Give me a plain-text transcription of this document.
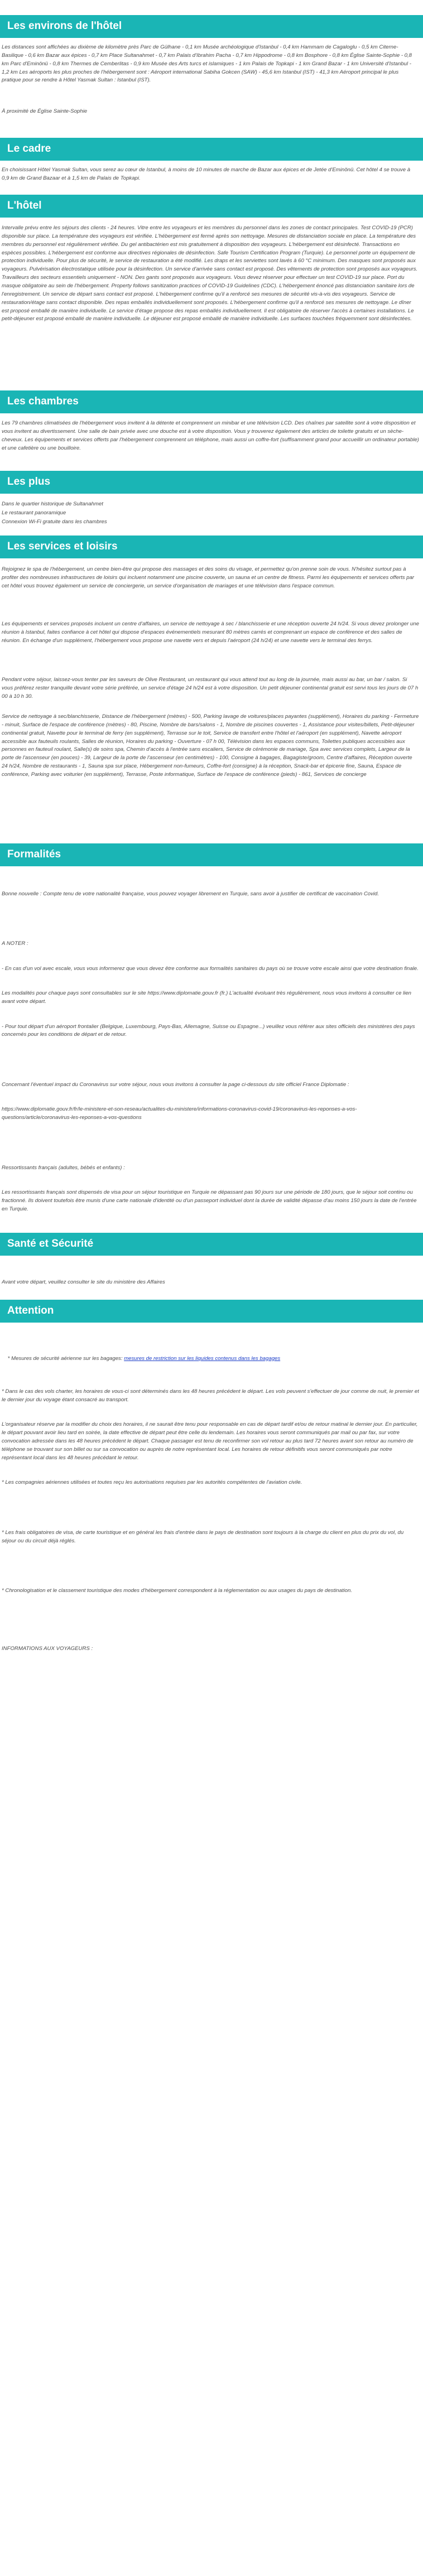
Les environs de l'hôtel
Les distances sont affichées au dixième de kilomètre près Parc de Gülhane - 0,1 km Musée archéologique d'Istanbul - 0,4 km Hammam de Cagaloglu - 0,5 km Citerne-Basilique - 0,6 km Bazar aux épices - 0,7 km Place Sultanahmet - 0,7 km Palais d'Ibrahim Pacha - 0,7 km Hippodrome - 0,8 km Bosphore - 0,8 km Église Sainte-Sophie - 0,8 km Parc d'Eminönü - 0,8 km Thermes de Cemberlitas - 0,9 km Musée des Arts turcs et islamiques - 1 km Palais de Topkapi - 1 km Grand Bazar - 1 km Université d'Istanbul - 1,2 km Les aéroports les plus proches de l'hébergement sont : Aéroport international Sabiha Gokcen (SAW) - 45,6 km Istanbul (IST) - 41,3 km Aéroport principal le plus pratique pour se rendre à Hôtel Yasmak Sultan : Istanbul (IST).
À proximité de Église Sainte-Sophie
Le cadre
En choisissant Hôtel Yasmak Sultan, vous serez au cœur de Istanbul, à moins de 10 minutes de marche de Bazar aux épices et de Jetée d'Eminönü. Cet hôtel 4 se trouve à 0,9 km de Grand Bazaar et à 1,5 km de Palais de Topkapi.
L'hôtel
Intervalle prévu entre les séjours des clients - 24 heures. Vitre entre les voyageurs et les membres du personnel dans les zones de contact principales. Test COVID-19 (PCR) disponible sur place. La température des voyageurs est vérifiée. L'hébergement est fermé après son nettoyage. Mesures de distanciation sociale en place. La température des membres du personnel est régulièrement vérifiée. Du gel antibactérien est mis gratuitement à disposition des voyageurs. L'hébergement est désinfecté. Transactions en espèces possibles. L'hébergement est conforme aux directives régionales de désinfection. Safe Tourism Certification Program (Turquie). Le personnel porte un équipement de protection individuelle. Pour plus de sécurité, le service de restauration a été modifié. Les draps et les serviettes sont lavés à 60 °C minimum. Des masques sont proposés aux voyageurs. Pulvérisation électrostatique utilisée pour la désinfection. Un service d'arrivée sans contact est proposé. Des vêtements de protection sont proposés aux voyageurs. Travailleurs des secteurs essentiels uniquement - NON. Des gants sont proposés aux voyageurs. Vous devez réserver pour effectuer un test COVID-19 sur place. Port du masque obligatoire au sein de l'hébergement. Property follows sanitization practices of COVID-19 Guidelines (CDC). L'hébergement énoncé pas distanciation sanitaire lors de l'enregistrement. Un service de départ sans contact est proposé. L'hébergement confirme qu'il a renforcé ses mesures de sécurité vis-à-vis des voyageurs. Service de restauration/étage sans contact disponible. Des repas emballés individuellement sont proposés. L'hébergement confirme qu'il a renforcé ses mesures de nettoyage. Le dîner est proposé emballé de manière individuelle. Le service d'étage propose des repas emballés individuellement. Il est obligatoire de réserver l'accès à certaines installations. Le petit-déjeuner est proposé emballé de manière individuelle. Le déjeuner est proposé emballé de manière individuelle. Les surfaces touchées fréquemment sont désinfectées.
Les chambres
Les 79 chambres climatisées de l'hébergement vous invitent à la détente et comprennent un minibar et une télévision LCD. Des chaînes par satellite sont à votre disposition et vous invitent au divertissement. Une salle de bain privée avec une douche est à votre disposition. Vous y trouverez également des articles de toilette gratuits et un sèche-cheveux. Les équipements et services offerts par l'hébergement comprennent un téléphone, mais aussi un coffre-fort (suffisamment grand pour accueillir un ordinateur portable) et une cafetière ou une bouilloire.
Les plus
Dans le quartier historique de Sultanahmet
Le restaurant panoramique
Connexion Wi-Fi gratuite dans les chambres
Les services et loisirs
Rejoignez le spa de l'hébergement, un centre bien-être qui propose des massages et des soins du visage, et permettez qu'on prenne soin de vous. N'hésitez surtout pas à profiter des nombreuses infrastructures de loisirs qui incluent notamment une piscine couverte, un sauna et un centre de fitness. Parmi les équipements et services offerts par cet hôtel vous trouvez également un service de conciergerie, un service d'organisation de mariages et une télévision dans l'espace commun.
Les équipements et services proposés incluent un centre d'affaires, un service de nettoyage à sec / blanchisserie et une réception ouverte 24 h/24. Si vous devez prolonger une réunion à Istanbul, faites confiance à cet hôtel qui dispose d'espaces événementiels mesurant 80 mètres carrés et comprenant un espace de conférence et des salles de réunion. En échange d'un supplément, l'hébergement vous propose une navette vers et depuis l'aéroport (24 h/24) et une navette vers le terminal des ferrys.
Pendant votre séjour, laissez-vous tenter par les saveurs de Olive Restaurant, un restaurant qui vous attend tout au long de la journée, mais aussi au bar, un bar / salon. Si vous préférez rester tranquille devant votre série préférée, un service d'étage 24 h/24 est à votre disposition. Un petit déjeuner continental gratuit est servi tous les jours de 07 h 00 à 10 h 30.
Service de nettoyage à sec/blanchisserie, Distance de l'hébergement (mètres) - 500, Parking lavage de voitures/places payantes (supplément), Horaires du parking - Fermeture - minuit, Surface de l'espace de conférence (mètres) - 80, Piscine, Nombre de bars/salons - 1, Nombre de piscines couvertes - 1, Assistance pour visites/billets, Petit-déjeuner continental gratuit, Navette pour le terminal de ferry (en supplément), Terrasse sur le toit, Service de transfert entre l'hôtel et l'aéroport (en supplément), Navette aéroport accessible aux fauteuils roulants, Salles de réunion, Horaires du parking - Ouverture - 07 h 00, Télévision dans les espaces communs, Toilettes publiques accessibles aux personnes en fauteuil roulant, Salle(s) de soins spa, Chemin d'accès à l'entrée sans escaliers, Service de cérémonie de mariage, Spa avec services complets, Largeur de la porte de l'ascenseur (en pouces) - 39, Largeur de la porte de l'ascenseur (en centimètres) - 100, Consigne à bagages, Bagagiste/groom, Centre d'affaires, Réception ouverte 24 h/24, Nombre de restaurants - 1, Sauna spa sur place, Hébergement non-fumeurs, Coffre-fort (consigne) à la réception, Snack-bar et épicerie fine, Sauna, Espace de conférence, Parking avec voiturier (en supplément), Terrasse, Poste informatique, Surface de l'espace de conférence (pieds) - 861, Services de concierge
Formalités

Bonne nouvelle : Compte tenu de votre nationalité française, vous pouvez voyager librement en Turquie, sans avoir à justifier de certificat de vaccination Covid.

A NOTER :

- En cas d'un vol avec escale, vous vous informerez que vous devez être conforme aux formalités sanitaires du pays où se trouve votre escale ainsi que votre destination finale.

Les modalités pour chaque pays sont consultables sur le site https://www.diplomatie.gouv.fr (fr.) L'actualité évoluant très régulièrement, nous vous invitons à consulter ce lien avant votre départ.

- Pour tout départ d'un aéroport frontalier (Belgique, Luxembourg, Pays-Bas, Allemagne, Suisse ou Espagne...) veuillez vous référer aux sites officiels des ministères des pays concernés pour les conditions de départ et de retour.

Concernant l'éventuel impact du Coronavirus sur votre séjour, nous vous invitons à consulter la page ci-dessous du site officiel France Diplomatie :

https://www.diplomatie.gouv.fr/fr/le-ministere-et-son-reseau/actualites-du-ministere/informations-coronavirus-covid-19/coronavirus-les-reponses-a-vos-questions/article/coronavirus-les-reponses-a-vos-questions

Ressortissants français (adultes, bébés et enfants) :

Les ressortissants français sont dispensés de visa pour un séjour touristique en Turquie ne dépassant pas 90 jours sur une période de 180 jours, que le séjour soit continu ou fractionné. Ils doivent toutefois être munis d'une carte nationale d'identité ou d'un passeport individuel dont la durée de validité dépasse d'au moins 150 jours la date de l'entrée en Turquie.

Santé et Sécurité

Avant votre départ, veuillez consulter le site du ministère des Affaires

Attention

* Mesures de sécurité aérienne sur les bagages: mesures de restriction sur les liquides contenus dans les bagages

* Dans le cas des vols charter, les horaires de vous-ci sont déterminés dans les 48 heures précédent le départ. Les vols peuvent s'effectuer de jour comme de nuit, le premier et le dernier jour du voyage étant consacré au transport.

L'organisateur réserve par la modifier du choix des horaires, il ne saurait être tenu pour responsable en cas de départ tardif et/ou de retour matinal le dernier jour. En particulier, le départ pouvant avoir lieu tard en soirée, la date effective de départ peut être celle du lendemain. Les horaires vous seront communiqués par mail ou par fax, sur votre convocation adressée dans les 48 heures précédent le départ. Chaque passager est tenu de reconfirmer son vol retour au plus tard 72 heures avant son retour au numéro de téléphone se trouvant sur son billet ou sur sa convocation ou auprès de notre représentant local. Les horaires de retour définitifs vous seront communiqués par notre représentant local dans les 48 heures précédant le retour.

* Les compagnies aériennes utilisées et toutes reçu les autorisations requises par les autorités compétentes de l'aviation civile.

* Les frais obligatoires de visa, de carte touristique et en général les frais d'entrée dans le pays de destination sont toujours à la charge du client en plus du prix du vol, du séjour ou du circuit déjà réglés.

* Chronologisation et le classement touristique des modes d'hébergement correspondent à la réglementation ou aux usages du pays de destination.

INFORMATIONS AUX VOYAGEURS :
